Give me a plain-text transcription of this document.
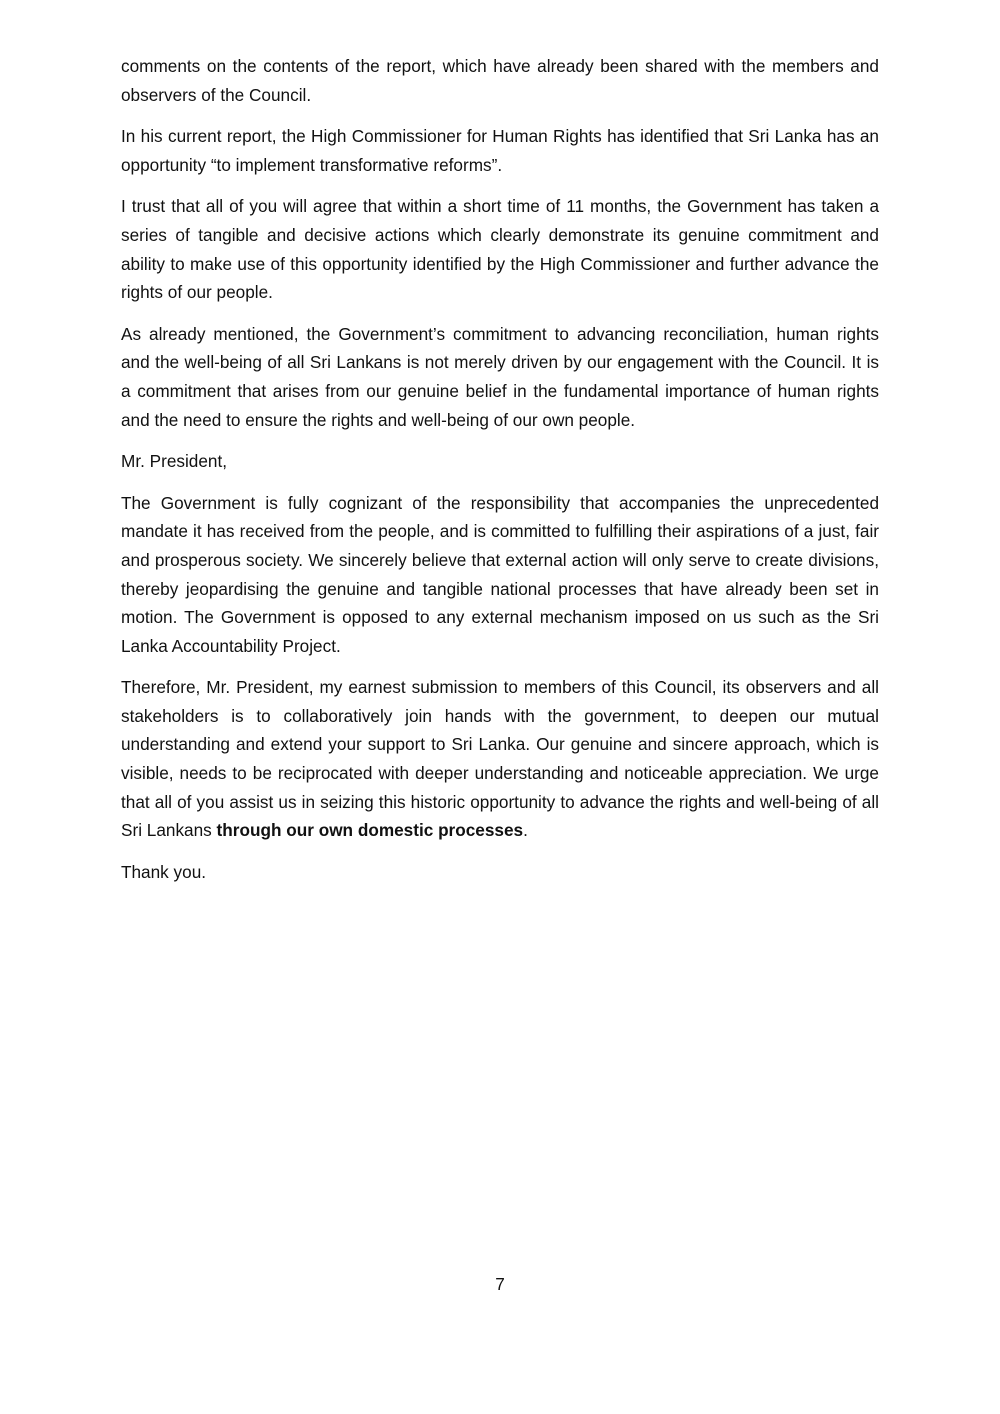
comments on the contents of the report, which have already been shared with the members and observers of the Council.

In his current report, the High Commissioner for Human Rights has identified that Sri Lanka has an opportunity “to implement transformative reforms”.

I trust that all of you will agree that within a short time of 11 months, the Government has taken a series of tangible and decisive actions which clearly demonstrate its genuine commitment and ability to make use of this opportunity identified by the High Commissioner and further advance the rights of our people.

As already mentioned, the Government’s commitment to advancing reconciliation, human rights and the well-being of all Sri Lankans is not merely driven by our engagement with the Council. It is a commitment that arises from our genuine belief in the fundamental importance of human rights and the need to ensure the rights and well-being of our own people.

Mr. President,

The Government is fully cognizant of the responsibility that accompanies the unprecedented mandate it has received from the people, and is committed to fulfilling their aspirations of a just, fair and prosperous society. We sincerely believe that external action will only serve to create divisions, thereby jeopardising the genuine and tangible national processes that have already been set in motion. The Government is opposed to any external mechanism imposed on us such as the Sri Lanka Accountability Project.

Therefore, Mr. President, my earnest submission to members of this Council, its observers and all stakeholders is to collaboratively join hands with the government, to deepen our mutual understanding and extend your support to Sri Lanka. Our genuine and sincere approach, which is visible, needs to be reciprocated with deeper understanding and noticeable appreciation. We urge that all of you assist us in seizing this historic opportunity to advance the rights and well-being of all Sri Lankans through our own domestic processes.

Thank you.

7
